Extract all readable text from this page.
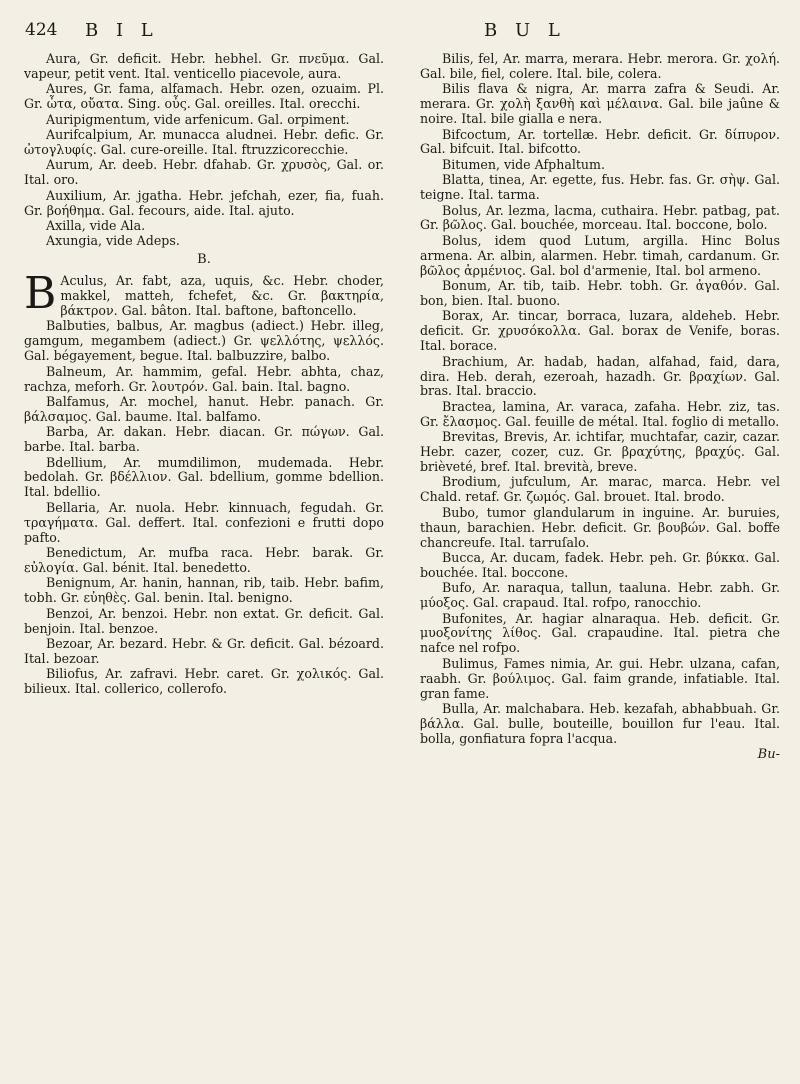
424 B I L	B U L

Aura, Gr. deficit. Hebr. hebhel. Gr. πνεῦμα. Gal. vapeur, petit vent. Ital. venticello piacevole, aura.

Aures, Gr. fama, alfamach. Hebr. ozen, ozuaim. Pl. Gr. ὦτα, οὔατα. Sing. οὖς. Gal. oreilles. Ital. orecchi.

Auripigmentum, vide arfenicum. Gal. orpiment.

Aurifcalpium, Ar. munacca aludnei. Hebr. defic. Gr. ὠτογλυφίς. Gal. cure-oreille. Ital. ftruzzicorecchie.

Aurum, Ar. deeb. Hebr. dfahab. Gr. χρυσὸς, Gal. or. Ital. oro.

Auxilium, Ar. jgatha. Hebr. jefchah, ezer, fia, fuah. Gr. βοήθημα. Gal. fecours, aide. Ital. ajuto.

Axilla, vide Ala.

Axungia, vide Adeps.

B.

B Aculus, Ar. fabt, aza, uquis, &c. Hebr. choder, makkel, matteh, fchefet, &c. Gr. βακτηρία, βάκτρον. Gal. bâton. Ital. baftone, baftoncello.

Balbuties, balbus, Ar. magbus (adiect.) Hebr. illeg, gamgum, megambem (adiect.) Gr. ψελλότης, ψελλός. Gal. bégayement, begue. Ital. balbuzzire, balbo.

Balneum, Ar. hammim, gefal. Hebr. abhta, chaz, rachza, meforh. Gr. λουτρόν. Gal. bain. Ital. bagno.

Balfamus, Ar. mochel, hanut. Hebr. panach. Gr. βάλσαμος. Gal. baume. Ital. balfamo.

Barba, Ar. dakan. Hebr. diacan. Gr. πώγων. Gal. barbe. Ital. barba.

Bdellium, Ar. mumdilimon, mudemada. Hebr. bedolah. Gr. βδέλλιον. Gal. bdellium, gomme bdellion. Ital. bdellio.

Bellaria, Ar. nuola. Hebr. kinnuach, fegudah. Gr. τραγήματα. Gal. deffert. Ital. confezioni e frutti dopo pafto.

Benedictum, Ar. mufba raca. Hebr. barak. Gr. εὐλογία. Gal. bénit. Ital. benedetto.

Benignum, Ar. hanin, hannan, rib, taib. Hebr. bafim, tobh. Gr. εὐηθὲς. Gal. benin. Ital. benigno.

Benzoi, Ar. benzoi. Hebr. non extat. Gr. deficit. Gal. benjoin. Ital. benzoe.

Bezoar, Ar. bezard. Hebr. & Gr. deficit. Gal. bézoard. Ital. bezoar.

Biliofus, Ar. zafravi. Hebr. caret. Gr. χολικός. Gal. bilieux. Ital. collerico, collerofo.

Bilis, fel, Ar. marra, merara. Hebr. merora. Gr. χολή. Gal. bile, fiel, colere. Ital. bile, colera.

Bilis flava & nigra, Ar. marra zafra & Seudi. Ar. merara. Gr. χολὴ ξανθὴ καὶ μέλαινα. Gal. bile jaûne & noire. Ital. bile gialla e nera.

Bifcoctum, Ar. tortellæ. Hebr. deficit. Gr. δίπυρον. Gal. bifcuit. Ital. bifcotto.

Bitumen, vide Afphaltum.

Blatta, tinea, Ar. egette, fus. Hebr. fas. Gr. σὴψ. Gal. teigne. Ital. tarma.

Bolus, Ar. lezma, lacma, cuthaira. Hebr. patbag, pat. Gr. βῶλος. Gal. bouchée, morceau. Ital. boccone, bolo.

Bolus, idem quod Lutum, argilla. Hinc Bolus armena. Ar. albin, alarmen. Hebr. timah, cardanum. Gr. βῶλος ἀρμένιος. Gal. bol d'armenie, Ital. bol armeno.

Bonum, Ar. tib, taib. Hebr. tobh. Gr. ἀγαθόν. Gal. bon, bien. Ital. buono.

Borax, Ar. tincar, borraca, luzara, aldeheb. Hebr. deficit. Gr. χρυσόκολλα. Gal. borax de Venife, boras. Ital. borace.

Brachium, Ar. hadab, hadan, alfahad, faid, dara, dira. Heb. derah, ezeroah, hazadh. Gr. βραχίων. Gal. bras. Ital. braccio.

Bractea, lamina, Ar. varaca, zafaha. Hebr. ziz, tas. Gr. ἔλασμος. Gal. feuille de métal. Ital. foglio di metallo.

Brevitas, Brevis, Ar. ichtifar, muchtafar, cazir, cazar. Hebr. cazer, cozer, cuz. Gr. βραχύτης, βραχύς. Gal. brièveté, bref. Ital. brevità, breve.

Brodium, jufculum, Ar. marac, marca. Hebr. vel Chald. retaf. Gr. ζωμός. Gal. brouet. Ital. brodo.

Bubo, tumor glandularum in inguine. Ar. buruies, thaun, barachien. Hebr. deficit. Gr. βουβών. Gal. boffe chancreufe. Ital. tarruſalo.

Bucca, Ar. ducam, fadek. Hebr. peh. Gr. βύκκα. Gal. bouchée. Ital. boccone.

Bufo, Ar. naraqua, tallun, taaluna. Hebr. zabh. Gr. μύοξος. Gal. crapaud. Ital. rofpo, ranocchio.

Bufonites, Ar. hagiar alnaraqua. Heb. deficit. Gr. μυοξονίτης λίθος. Gal. crapaudine. Ital. pietra che nafce nel rofpo.

Bulimus, Fames nimia, Ar. gui. Hebr. ulzana, cafan, raabh. Gr. βούλιμος. Gal. faim grande, infatiable. Ital. gran fame.

Bulla, Ar. malchabara. Heb. kezafah, abhabbuah. Gr. βάλλα. Gal. bulle, bouteille, bouillon fur l'eau. Ital. bolla, gonfiatura fopra l'acqua.

Bu-
